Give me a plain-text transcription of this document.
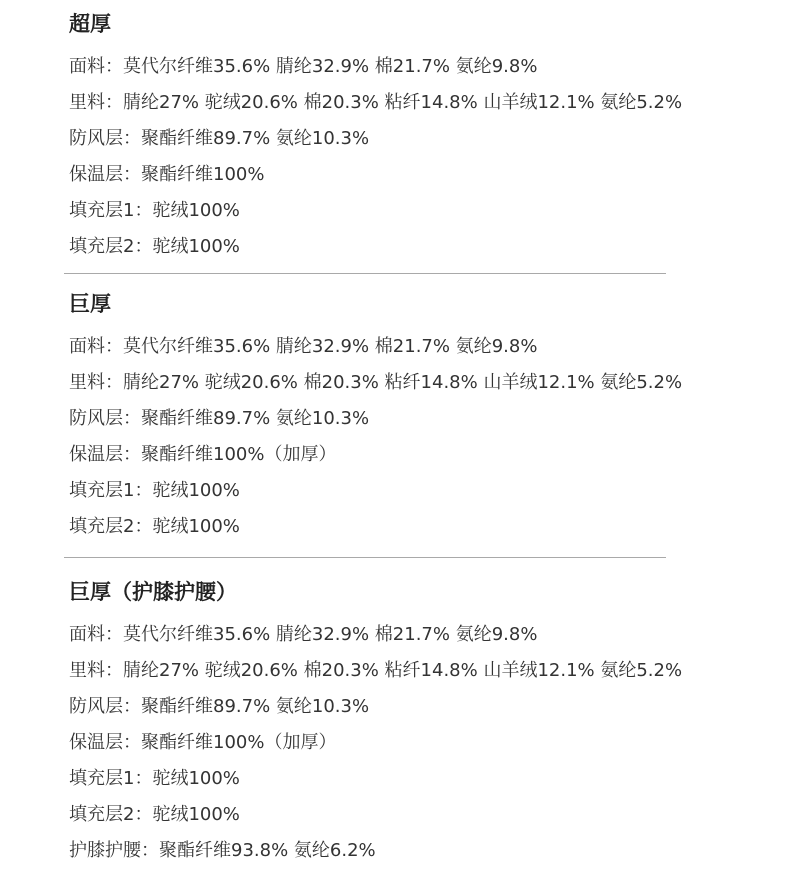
超厚
面料：莫代尔纤维35.6% 腈纶32.9% 棉21.7% 氨纶9.8%
里料：腈纶27% 驼绒20.6% 棉20.3% 粘纤14.8% 山羊绒12.1% 氨纶5.2%
防风层：聚酯纤维89.7% 氨纶10.3%
保温层：聚酯纤维100%
填充层1：驼绒100%
填充层2：驼绒100%
巨厚
面料：莫代尔纤维35.6% 腈纶32.9% 棉21.7% 氨纶9.8%
里料：腈纶27% 驼绒20.6% 棉20.3% 粘纤14.8% 山羊绒12.1% 氨纶5.2%
防风层：聚酯纤维89.7% 氨纶10.3%
保温层：聚酯纤维100%（加厚）
填充层1：驼绒100%
填充层2：驼绒100%
巨厚（护膝护腰）
面料：莫代尔纤维35.6% 腈纶32.9% 棉21.7% 氨纶9.8%
里料：腈纶27% 驼绒20.6% 棉20.3% 粘纤14.8% 山羊绒12.1% 氨纶5.2%
防风层：聚酯纤维89.7% 氨纶10.3%
保温层：聚酯纤维100%（加厚）
填充层1：驼绒100%
填充层2：驼绒100%
护膝护腰：聚酯纤维93.8% 氨纶6.2%
